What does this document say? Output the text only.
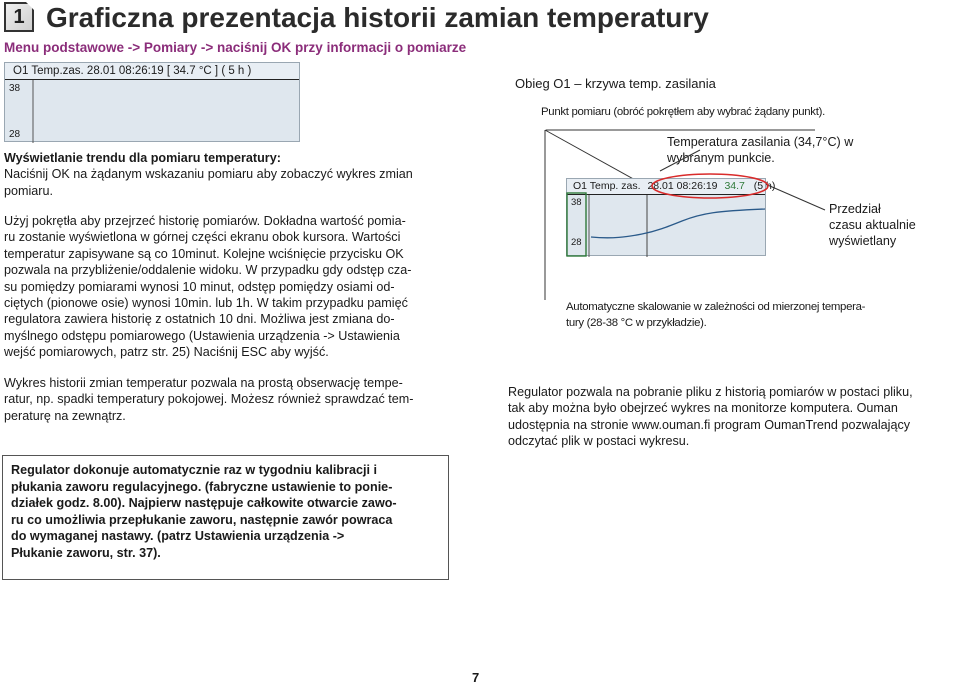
1 Graficzna prezentacja historii zamian temperatury
Menu podstawowe -> Pomiary -> naciśnij OK przy informacji o pomiarze
O1 Temp.zas. 28.01 08:26:19 [ 34.7 °C ] ( 5 h )
38
28
Wyświetlanie trendu dla pomiaru temperatury:
Naciśnij OK na żądanym wskazaniu pomiaru aby zobaczyć wykres zmian pomiaru.
Użyj pokrętła aby przejrzeć historię pomiarów. Dokładna wartość pomia-
ru zostanie wyświetlona w górnej części ekranu obok kursora. Wartości
temperatur zapisywane są co 10minut. Kolejne wciśnięcie przycisku OK
pozwala na przybliżenie/oddalenie widoku. W przypadku gdy odstęp cza-
su pomiędzy pomiarami wynosi 10 minut, odstęp pomiędzy osiami od-
ciętych (pionowe osie) wynosi 10min. lub 1h. W takim przypadku pamięć
regulatora zawiera historię z ostatnich 10 dni. Możliwa jest zmiana do-
myślnego odstępu pomiarowego (Ustawienia urządzenia -> Ustawienia
wejść pomiarowych, patrz str. 25) Naciśnij ESC aby wyjść.
Wykres historii zmian temperatur pozwala na prostą obserwację tempe-
ratur, np. spadki temperatury pokojowej. Możesz również sprawdzać tem-
peraturę na zewnątrz.
Regulator dokonuje automatycznie raz w tygodniu kalibracji i
płukania zaworu regulacyjnego. (fabryczne ustawienie to ponie-
działek godz. 8.00). Najpierw następuje całkowite otwarcie zawo-
ru co umożliwia przepłukanie zaworu, następnie zawór powraca
do wymaganej nastawy. (patrz Ustawienia urządzenia ->
Płukanie zaworu, str. 37).
Obieg O1 – krzywa temp. zasilania
Punkt pomiaru (obróć pokrętłem aby wybrać żądany punkt).
Temperatura zasilania (34,7°C) w
wybranym punkcie.
Przedział
czasu aktualnie
wyświetlany
O1 Temp. zas. 28.01 08:26:19 34.7 (5 h)
38
28
Automatyczne skalowanie w zależności od mierzonej tempera-
tury (28-38 °C w przykładzie).
Regulator pozwala na pobranie pliku z historią pomiarów w postaci pliku,
tak aby można było obejrzeć wykres na monitorze komputera. Ouman
udostępnia na stronie www.ouman.fi program OumanTrend pozwalający
odczytać plik w postaci wykresu.
7
